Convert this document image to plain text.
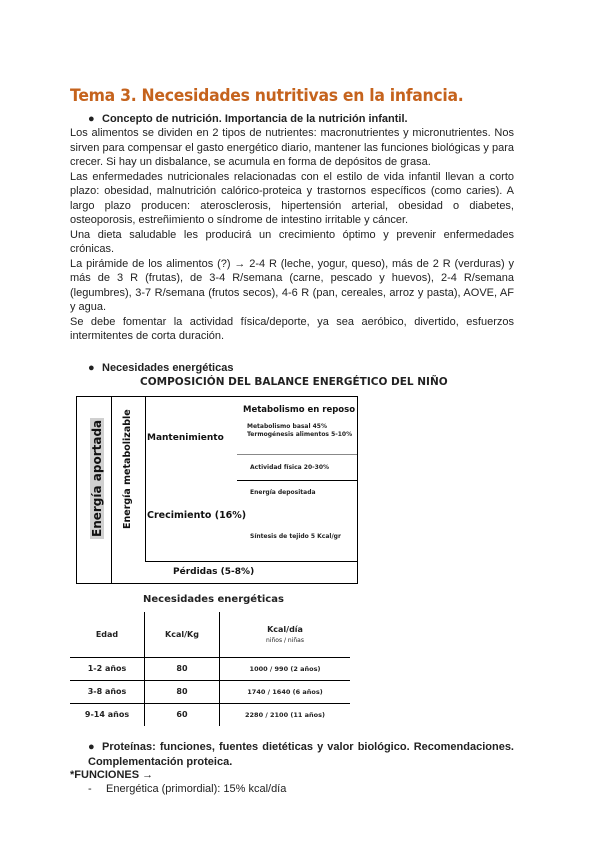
Tema 3. Necesidades nutritivas en la infancia.
● Concepto de nutrición. Importancia de la nutrición infantil.

Los alimentos se dividen en 2 tipos de nutrientes: macronutrientes y micronutrientes. Nos sirven para compensar el gasto energético diario, mantener las funciones biológicas y para crecer. Si hay un disbalance, se acumula en forma de depósitos de grasa.

Las enfermedades nutricionales relacionadas con el estilo de vida infantil llevan a corto plazo: obesidad, malnutrición calórico-proteica y trastornos específicos (como caries). A largo plazo producen: aterosclerosis, hipertensión arterial, obesidad o diabetes, osteoporosis, estreñimiento o síndrome de intestino irritable y cáncer.

Una dieta saludable les producirá un crecimiento óptimo y prevenir enfermedades crónicas.

La pirámide de los alimentos (?) → 2-4 R (leche, yogur, queso), más de 2 R (verduras) y más de 3 R (frutas), de 3-4 R/semana (carne, pescado y huevos), 2-4 R/semana (legumbres), 3-7 R/semana (frutos secos), 4-6 R (pan, cereales, arroz y pasta), AOVE, AF y agua.

Se debe fomentar la actividad física/deporte, ya sea aeróbico, divertido, esfuerzos intermitentes de corta duración.

● Necesidades energéticas
COMPOSICIÓN DEL BALANCE ENERGÉTICO DEL NIÑO
Energía aportada	Energía metabolizable Mantenimiento
Metabolismo en reposo
Metabolismo basal 45%
Termogénesis alimentos 5-10%
Actividad física 20-30%
Energía depositada
Crecimiento (16%)
Síntesis de tejido 5 Kcal/gr
Pérdidas (5-8%)
Necesidades energéticas
Edad	Kcal/Kg	Kcal/día
niños / niñas

1-2 años	80	1000 / 990 (2 años)
3-8 años	80	1740 / 1640 (6 años)
9-14 años	60	2280 / 2100 (11 años)
● Proteínas: funciones, fuentes dietéticas y valor biológico. Recomendaciones. Complementación proteica.
*FUNCIONES →
- Energética (primordial): 15% kcal/día
